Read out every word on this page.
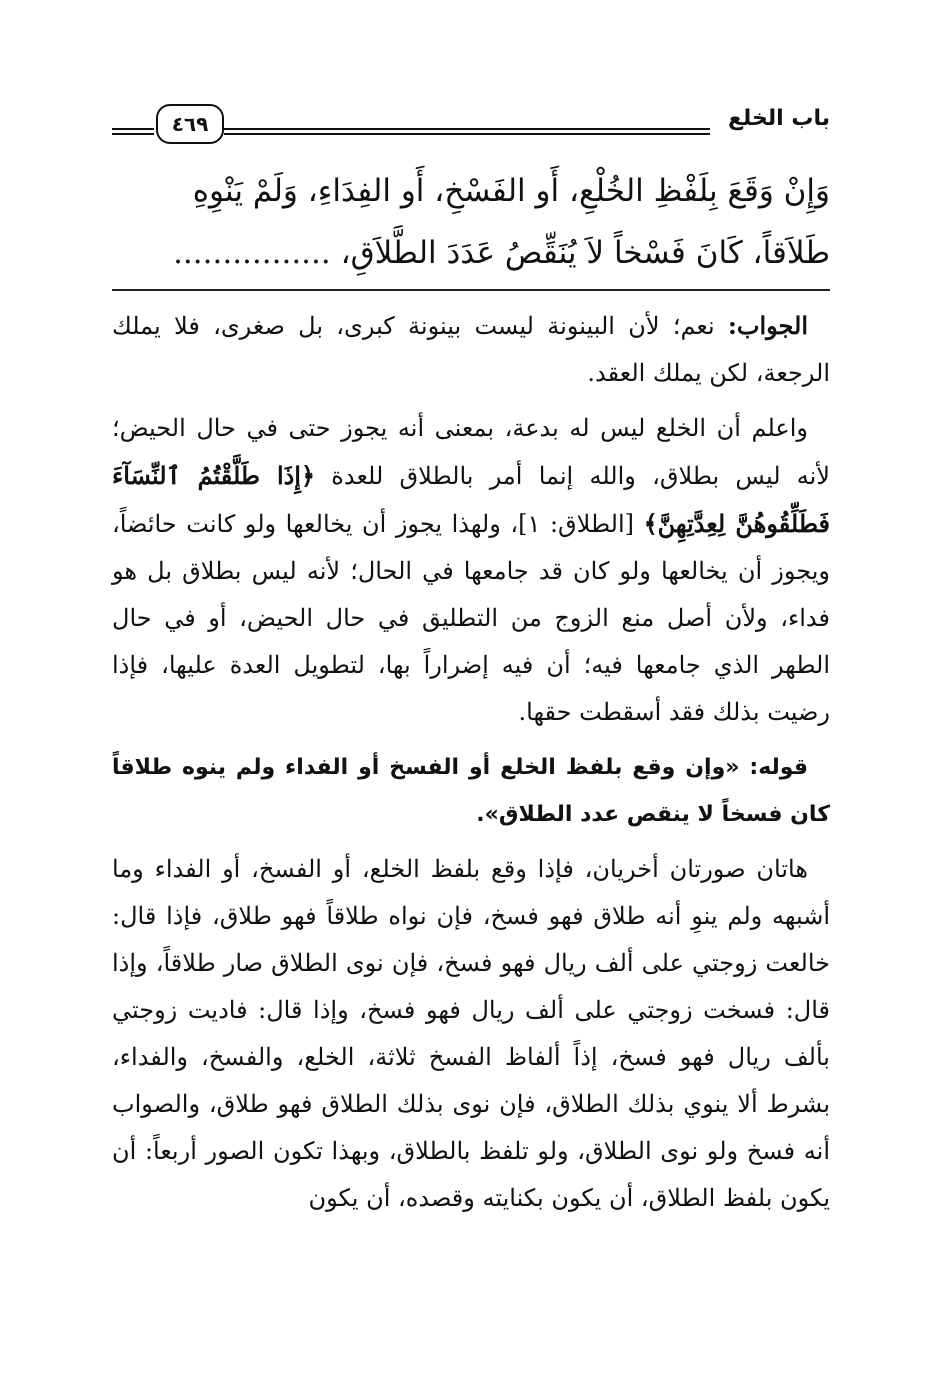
باب الخلع
٤٦٩
وَإِنْ وَقَعَ بِلَفْظِ الخُلْعِ، أَو الفَسْخِ، أَو الفِدَاءِ، وَلَمْ يَنْوِهِ
طَلاَقاً، كَانَ فَسْخاً لاَ يُنَقِّصُ عَدَدَ الطَّلاَقِ، ................

الجواب: نعم؛ لأن البينونة ليست بينونة كبرى، بل صغرى، فلا يملك الرجعة، لكن يملك العقد.

واعلم أن الخلع ليس له بدعة، بمعنى أنه يجوز حتى في حال الحيض؛ لأنه ليس بطلاق، والله إنما أمر بالطلاق للعدة ﴿إِذَا طَلَّقْتُمُ ٱلنِّسَآءَ فَطَلِّقُوهُنَّ لِعِدَّتِهِنَّ﴾ [الطلاق: ١]، ولهذا يجوز أن يخالعها ولو كانت حائضاً، ويجوز أن يخالعها ولو كان قد جامعها في الحال؛ لأنه ليس بطلاق بل هو فداء، ولأن أصل منع الزوج من التطليق في حال الحيض، أو في حال الطهر الذي جامعها فيه؛ أن فيه إضراراً بها، لتطويل العدة عليها، فإذا رضيت بذلك فقد أسقطت حقها.

قوله: «وإن وقع بلفظ الخلع أو الفسخ أو الفداء ولم ينوه طلاقاً كان فسخاً لا ينقص عدد الطلاق».

هاتان صورتان أخريان، فإذا وقع بلفظ الخلع، أو الفسخ، أو الفداء وما أشبهه ولم ينوِ أنه طلاق فهو فسخ، فإن نواه طلاقاً فهو طلاق، فإذا قال: خالعت زوجتي على ألف ريال فهو فسخ، فإن نوى الطلاق صار طلاقاً، وإذا قال: فسخت زوجتي على ألف ريال فهو فسخ، وإذا قال: فاديت زوجتي بألف ريال فهو فسخ، إذاً ألفاظ الفسخ ثلاثة، الخلع، والفسخ، والفداء، بشرط ألا ينوي بذلك الطلاق، فإن نوى بذلك الطلاق فهو طلاق، والصواب أنه فسخ ولو نوى الطلاق، ولو تلفظ بالطلاق، وبهذا تكون الصور أربعاً: أن يكون بلفظ الطلاق، أن يكون بكنايته وقصده، أن يكون
